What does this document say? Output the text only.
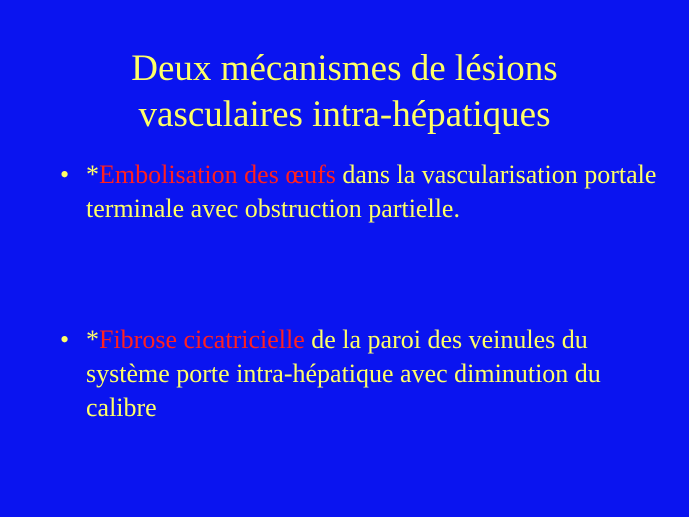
Deux mécanismes de lésions
vasculaires intra-hépatiques
• *Embolisation des œufs dans la vascularisation portale terminale avec obstruction partielle.
• *Fibrose cicatricielle de la paroi des veinules du système porte intra-hépatique avec diminution du calibre
